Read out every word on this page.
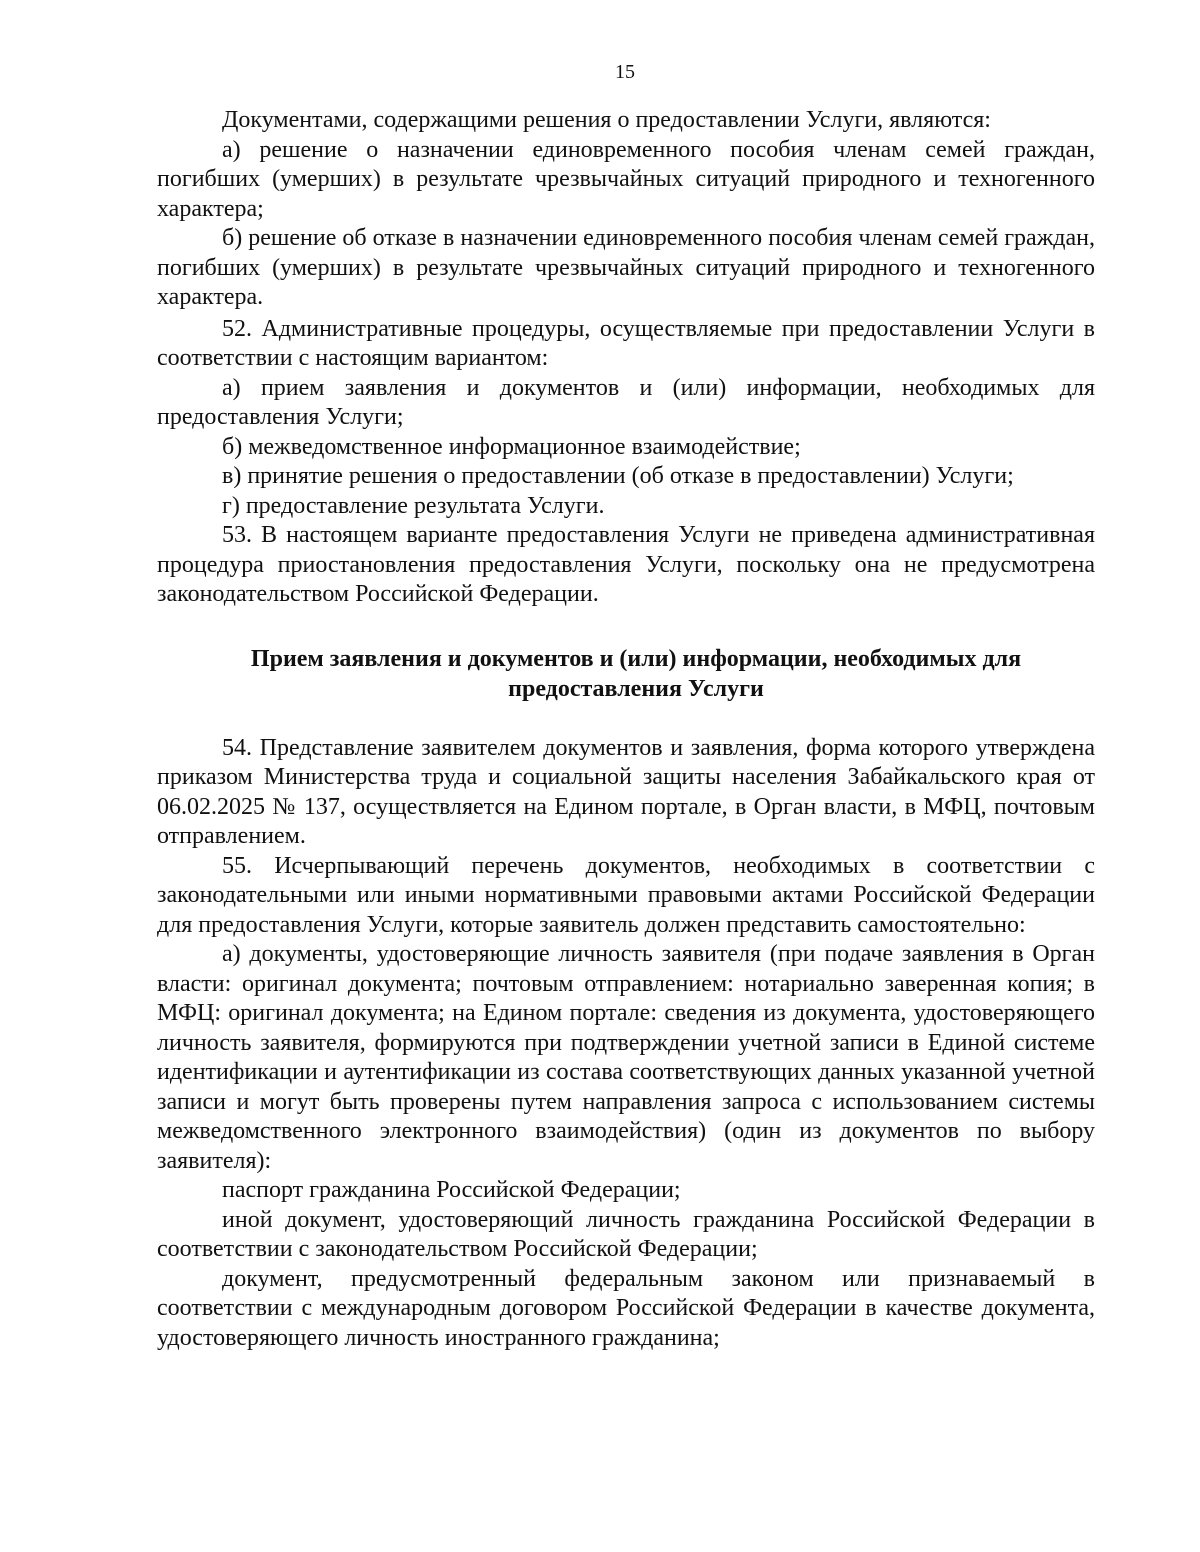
15

Документами, содержащими решения о предоставлении Услуги, являются:

а) решение о назначении единовременного пособия членам семей граждан, погибших (умерших) в результате чрезвычайных ситуаций природного и техногенного характера;

б) решение об отказе в назначении единовременного пособия членам семей граждан, погибших (умерших) в результате чрезвычайных ситуаций природного и техногенного характера.

52. Административные процедуры, осуществляемые при предоставлении Услуги в соответствии с настоящим вариантом:

а) прием заявления и документов и (или) информации, необходимых для предоставления Услуги;

б) межведомственное информационное взаимодействие;

в) принятие решения о предоставлении (об отказе в предоставлении) Услуги;

г) предоставление результата Услуги.

53. В настоящем варианте предоставления Услуги не приведена административная процедура приостановления предоставления Услуги, поскольку она не предусмотрена законодательством Российской Федерации.

Прием заявления и документов и (или) информации, необходимых для предоставления Услуги

54. Представление заявителем документов и заявления, форма которого утверждена приказом Министерства труда и социальной защиты населения Забайкальского края от 06.02.2025 № 137, осуществляется на Едином портале, в Орган власти, в МФЦ, почтовым отправлением.

55. Исчерпывающий перечень документов, необходимых в соответствии с законодательными или иными нормативными правовыми актами Российской Федерации для предоставления Услуги, которые заявитель должен представить самостоятельно:

а) документы, удостоверяющие личность заявителя (при подаче заявления в Орган власти: оригинал документа; почтовым отправлением: нотариально заверенная копия; в МФЦ: оригинал документа; на Едином портале: сведения из документа, удостоверяющего личность заявителя, формируются при подтверждении учетной записи в Единой системе идентификации и аутентификации из состава соответствующих данных указанной учетной записи и могут быть проверены путем направления запроса с использованием системы межведомственного электронного взаимодействия) (один из документов по выбору заявителя):

паспорт гражданина Российской Федерации;

иной документ, удостоверяющий личность гражданина Российской Федерации в соответствии с законодательством Российской Федерации;

документ, предусмотренный федеральным законом или признаваемый в соответствии с международным договором Российской Федерации в качестве документа, удостоверяющего личность иностранного гражданина;
